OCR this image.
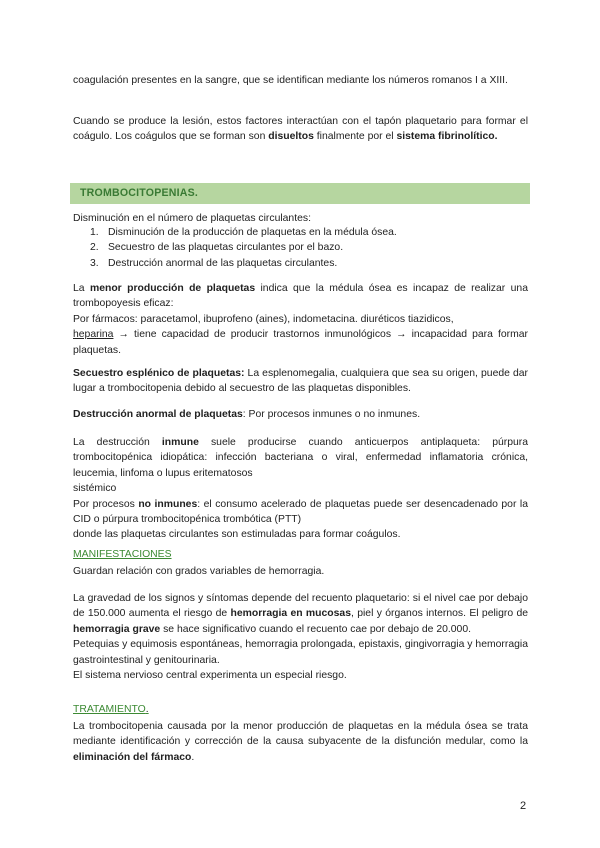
coagulación presentes en la sangre, que se identifican mediante los números romanos I a XIII.

Cuando se produce la lesión, estos factores interactúan con el tapón plaquetario para formar el coágulo. Los coágulos que se forman son disueltos finalmente por el sistema fibrinolítico.

TROMBOCITOPENIAS.

Disminución en el número de plaquetas circulantes:

1. Disminución de la producción de plaquetas en la médula ósea.
2. Secuestro de las plaquetas circulantes por el bazo.
3. Destrucción anormal de las plaquetas circulantes.

La menor producción de plaquetas indica que la médula ósea es incapaz de realizar una trombopoyesis eficaz:
Por fármacos: paracetamol, ibuprofeno (aines), indometacina. diuréticos tiazidicos,
heparina → tiene capacidad de producir trastornos inmunológicos → incapacidad para formar plaquetas.

Secuestro esplénico de plaquetas: La esplenomegalia, cualquiera que sea su origen, puede dar lugar a trombocitopenia debido al secuestro de las plaquetas disponibles.

Destrucción anormal de plaquetas: Por procesos inmunes o no inmunes.

La destrucción inmune suele producirse cuando anticuerpos antiplaqueta: púrpura trombocitopénica idiopática: infección bacteriana o viral, enfermedad inflamatoria crónica, leucemia, linfoma o lupus eritematosos
sistémico
Por procesos no inmunes: el consumo acelerado de plaquetas puede ser desencadenado por la CID o púrpura trombocitopénica trombótica (PTT)
donde las plaquetas circulantes son estimuladas para formar coágulos.

MANIFESTACIONES

Guardan relación con grados variables de hemorragia.

La gravedad de los signos y síntomas depende del recuento plaquetario: si el nivel cae por debajo de 150.000 aumenta el riesgo de hemorragia en mucosas, piel y órganos internos. El peligro de hemorragia grave se hace significativo cuando el recuento cae por debajo de 20.000.
Petequias y equimosis espontáneas, hemorragia prolongada, epistaxis, gingivorragia y hemorragia gastrointestinal y genitourinaria.
El sistema nervioso central experimenta un especial riesgo.

TRATAMIENTO.

La trombocitopenia causada por la menor producción de plaquetas en la médula ósea se trata mediante identificación y corrección de la causa subyacente de la disfunción medular, como la eliminación del fármaco.

2
